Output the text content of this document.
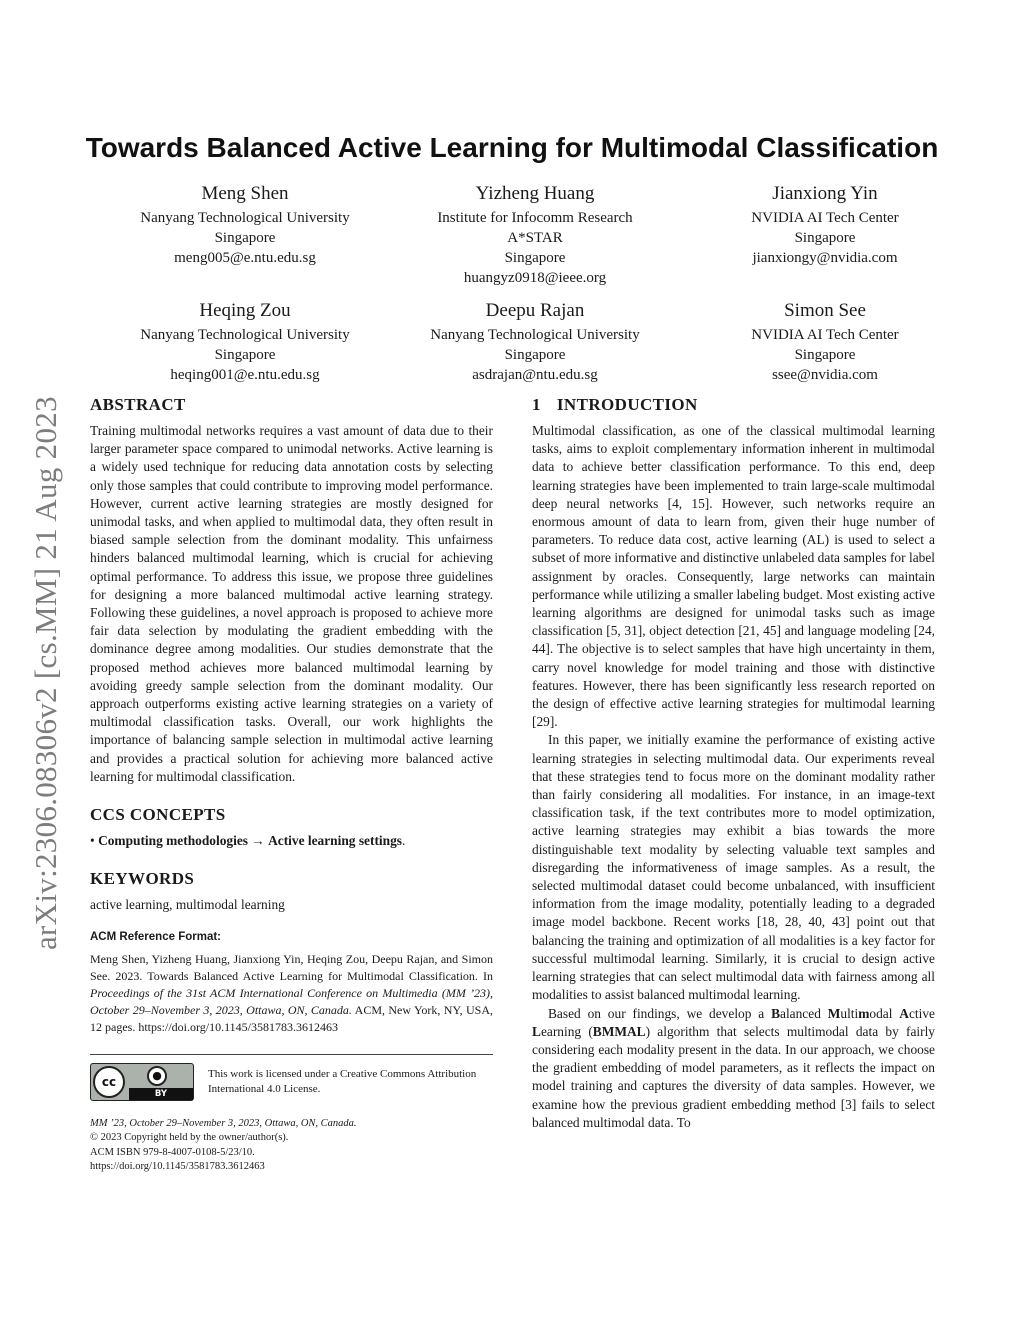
arXiv:2306.08306v2 [cs.MM] 21 Aug 2023
Towards Balanced Active Learning for Multimodal Classification
Meng Shen
Nanyang Technological University
Singapore
meng005@e.ntu.edu.sg
Yizheng Huang
Institute for Infocomm Research
A*STAR
Singapore
huangyz0918@ieee.org
Jianxiong Yin
NVIDIA AI Tech Center
Singapore
jianxiongy@nvidia.com
Heqing Zou
Nanyang Technological University
Singapore
heqing001@e.ntu.edu.sg
Deepu Rajan
Nanyang Technological University
Singapore
asdrajan@ntu.edu.sg
Simon See
NVIDIA AI Tech Center
Singapore
ssee@nvidia.com
ABSTRACT

Training multimodal networks requires a vast amount of data due to their larger parameter space compared to unimodal networks. Active learning is a widely used technique for reducing data annotation costs by selecting only those samples that could contribute to improving model performance. However, current active learning strategies are mostly designed for unimodal tasks, and when applied to multimodal data, they often result in biased sample selection from the dominant modality. This unfairness hinders balanced multimodal learning, which is crucial for achieving optimal performance. To address this issue, we propose three guidelines for designing a more balanced multimodal active learning strategy. Following these guidelines, a novel approach is proposed to achieve more fair data selection by modulating the gradient embedding with the dominance degree among modalities. Our studies demonstrate that the proposed method achieves more balanced multimodal learning by avoiding greedy sample selection from the dominant modality. Our approach outperforms existing active learning strategies on a variety of multimodal classification tasks. Overall, our work highlights the importance of balancing sample selection in multimodal active learning and provides a practical solution for achieving more balanced active learning for multimodal classification.

CCS CONCEPTS

• Computing methodologies → Active learning settings.

KEYWORDS

active learning, multimodal learning

ACM Reference Format:

Meng Shen, Yizheng Huang, Jianxiong Yin, Heqing Zou, Deepu Rajan, and Simon See. 2023. Towards Balanced Active Learning for Multimodal Classification. In Proceedings of the 31st ACM International Conference on Multimedia (MM ’23), October 29–November 3, 2023, Ottawa, ON, Canada. ACM, New York, NY, USA, 12 pages. https://doi.org/10.1145/3581783.3612463

cc	●
BY
This work is licensed under a Creative Commons Attribution International 4.0 License.
MM ’23, October 29–November 3, 2023, Ottawa, ON, Canada.
© 2023 Copyright held by the owner/author(s).
ACM ISBN 979-8-4007-0108-5/23/10.
https://doi.org/10.1145/3581783.3612463
1 INTRODUCTION

Multimodal classification, as one of the classical multimodal learning tasks, aims to exploit complementary information inherent in multimodal data to achieve better classification performance. To this end, deep learning strategies have been implemented to train large-scale multimodal deep neural networks [4, 15]. However, such networks require an enormous amount of data to learn from, given their huge number of parameters. To reduce data cost, active learning (AL) is used to select a subset of more informative and distinctive unlabeled data samples for label assignment by oracles. Consequently, large networks can maintain performance while utilizing a smaller labeling budget. Most existing active learning algorithms are designed for unimodal tasks such as image classification [5, 31], object detection [21, 45] and language modeling [24, 44]. The objective is to select samples that have high uncertainty in them, carry novel knowledge for model training and those with distinctive features. However, there has been significantly less research reported on the design of effective active learning strategies for multimodal learning [29].

In this paper, we initially examine the performance of existing active learning strategies in selecting multimodal data. Our experiments reveal that these strategies tend to focus more on the dominant modality rather than fairly considering all modalities. For instance, in an image-text classification task, if the text contributes more to model optimization, active learning strategies may exhibit a bias towards the more distinguishable text modality by selecting valuable text samples and disregarding the informativeness of image samples. As a result, the selected multimodal dataset could become unbalanced, with insufficient information from the image modality, potentially leading to a degraded image model backbone. Recent works [18, 28, 40, 43] point out that balancing the training and optimization of all modalities is a key factor for successful multimodal learning. Similarly, it is crucial to design active learning strategies that can select multimodal data with fairness among all modalities to assist balanced multimodal learning.

Based on our findings, we develop a Balanced Multimodal Active Learning (BMMAL) algorithm that selects multimodal data by fairly considering each modality present in the data. In our approach, we choose the gradient embedding of model parameters, as it reflects the impact on model training and captures the diversity of data samples. However, we examine how the previous gradient embedding method [3] fails to select balanced multimodal data. To
